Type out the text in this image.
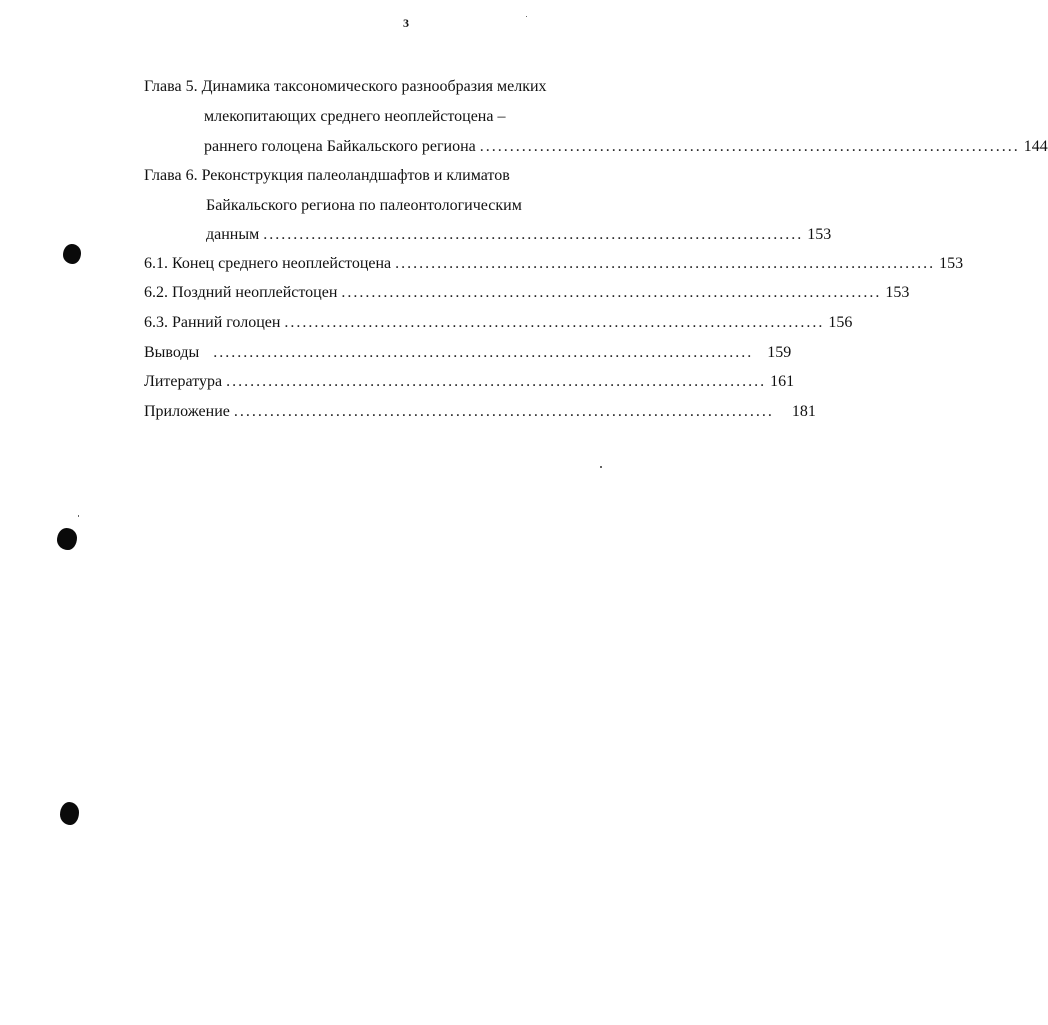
3
Глава 5. Динамика таксономического разнообразия мелких
млекопитающих среднего неоплейстоцена –
раннего голоцена Байкальского региона .......................................................................................... 144
Глава 6. Реконструкция палеоландшафтов и климатов
Байкальского региона по палеонтологическим
данным .......................................................................................... 153
6.1. Конец среднего неоплейстоцена .......................................................................................... 153
6.2. Поздний неоплейстоцен .......................................................................................... 153
6.3. Ранний голоцен .......................................................................................... 156
Выводы .......................................................................................... 159
Литература .......................................................................................... 161
Приложение .......................................................................................... 181
